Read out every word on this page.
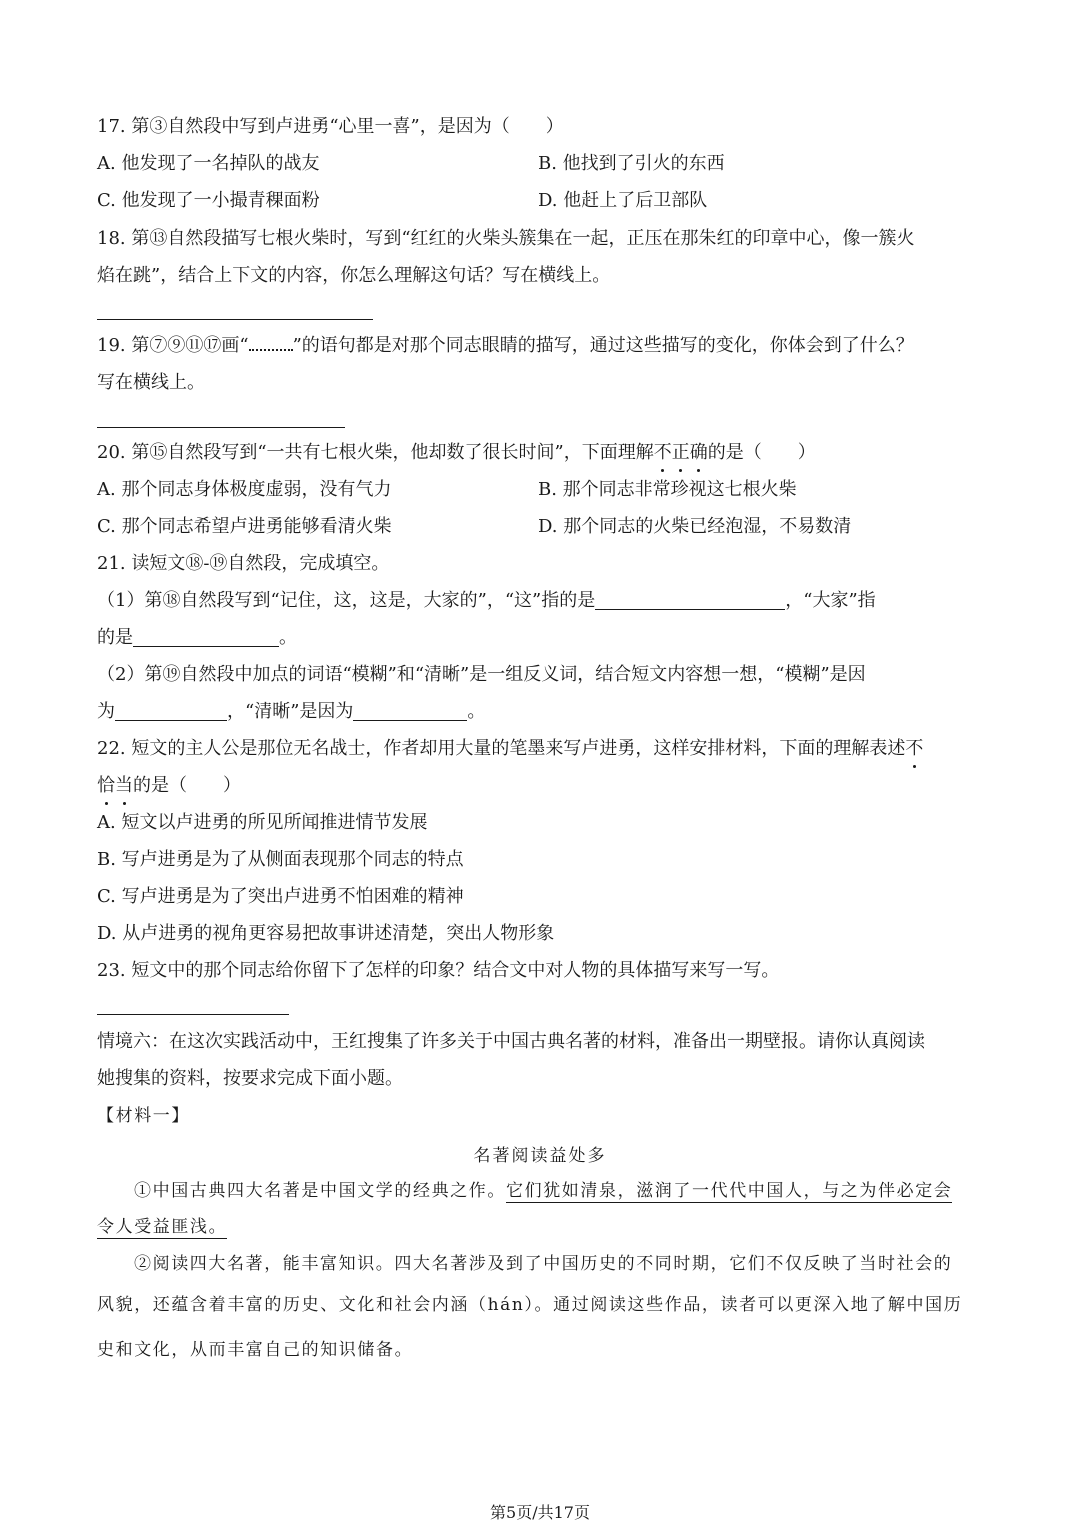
17. 第③自然段中写到卢进勇“心里一喜”，是因为（　　）
A. 他发现了一名掉队的战友	B. 他找到了引火的东西
C. 他发现了一小撮青稞面粉	D. 他赶上了后卫部队
18. 第⑬自然段描写七根火柴时，写到“红红的火柴头簇集在一起，正压在那朱红的印章中心，像一簇火
焰在跳”，结合上下文的内容，你怎么理解这句话？写在横线上。
19. 第⑦⑨⑪⑰画“ ”的语句都是对那个同志眼睛的描写，通过这些描写的变化，你体会到了什么？
写在横线上。
20. 第⑮自然段写到“一共有七根火柴，他却数了很长时间”，下面理解不正确的是（　　）
A. 那个同志身体极度虚弱，没有气力	B. 那个同志非常珍视这七根火柴
C. 那个同志希望卢进勇能够看清火柴	D. 那个同志的火柴已经泡湿，不易数清
21. 读短文⑱-⑲自然段，完成填空。
（1）第⑱自然段写到“记住，这，这是，大家的”，“这”指的是	，“大家”指
的是	。
（2）第⑲自然段中加点的词语“模糊”和“清晰”是一组反义词，结合短文内容想一想，“模糊”是因
为	，“清晰”是因为	。
22. 短文的主人公是那位无名战士，作者却用大量的笔墨来写卢进勇，这样安排材料，下面的理解表述不
恰当的是（　　）
A. 短文以卢进勇的所见所闻推进情节发展
B. 写卢进勇是为了从侧面表现那个同志的特点
C. 写卢进勇是为了突出卢进勇不怕困难的精神
D. 从卢进勇的视角更容易把故事讲述清楚，突出人物形象
23. 短文中的那个同志给你留下了怎样的印象？结合文中对人物的具体描写来写一写。
情境六：在这次实践活动中，王红搜集了许多关于中国古典名著的材料，准备出一期壁报。请你认真阅读
她搜集的资料，按要求完成下面小题。
【材料一】
名著阅读益处多
①中国古典四大名著是中国文学的经典之作。它们犹如清泉，滋润了一代代中国人，与之为伴必定会
令人受益匪浅。
②阅读四大名著，能丰富知识。四大名著涉及到了中国历史的不同时期，它们不仅反映了当时社会的
风貌，还蕴含着丰富的历史、文化和社会内涵（hán）。通过阅读这些作品，读者可以更深入地了解中国历
史和文化，从而丰富自己的知识储备。
第5页/共17页
